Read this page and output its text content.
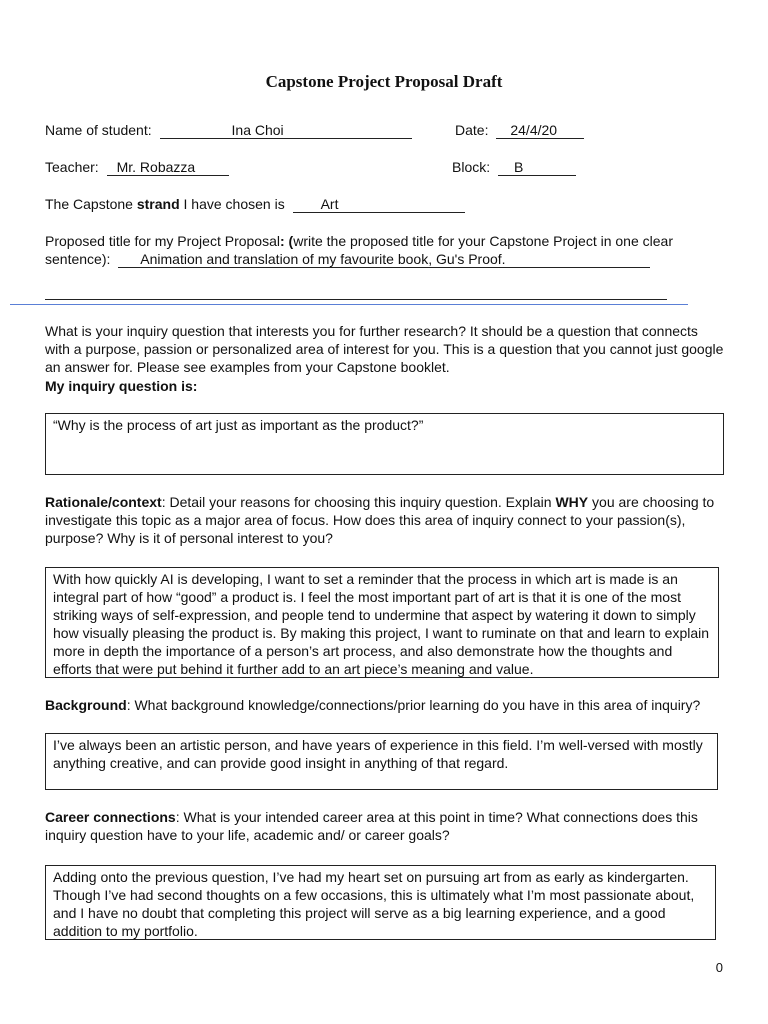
Capstone Project Proposal Draft
Name of student:	Ina Choi	Date: 24/4/20
Teacher: Mr. Robazza	Block: B
The Capstone strand I have chosen is	Art
Proposed title for my Project Proposal: (write the proposed title for your Capstone Project in one clear
sentence): Animation and translation of my favourite book, Gu's Proof.
What is your inquiry question that interests you for further research? It should be a question that connects with a purpose, passion or personalized area of interest for you. This is a question that you cannot just google an answer for. Please see examples from your Capstone booklet.
My inquiry question is:
“Why is the process of art just as important as the product?”
Rationale/context: Detail your reasons for choosing this inquiry question. Explain WHY you are choosing to investigate this topic as a major area of focus. How does this area of inquiry connect to your passion(s), purpose? Why is it of personal interest to you?
With how quickly AI is developing, I want to set a reminder that the process in which art is made is an integral part of how “good” a product is. I feel the most important part of art is that it is one of the most striking ways of self-expression, and people tend to undermine that aspect by watering it down to simply how visually pleasing the product is. By making this project, I want to ruminate on that and learn to explain more in depth the importance of a person’s art process, and also demonstrate how the thoughts and efforts that were put behind it further add to an art piece’s meaning and value.
Background: What background knowledge/connections/prior learning do you have in this area of inquiry?
I’ve always been an artistic person, and have years of experience in this field. I’m well-versed with mostly anything creative, and can provide good insight in anything of that regard.
Career connections: What is your intended career area at this point in time? What connections does this inquiry question have to your life, academic and/ or career goals?
Adding onto the previous question, I’ve had my heart set on pursuing art from as early as kindergarten. Though I’ve had second thoughts on a few occasions, this is ultimately what I’m most passionate about, and I have no doubt that completing this project will serve as a big learning experience, and a good addition to my portfolio.
0
